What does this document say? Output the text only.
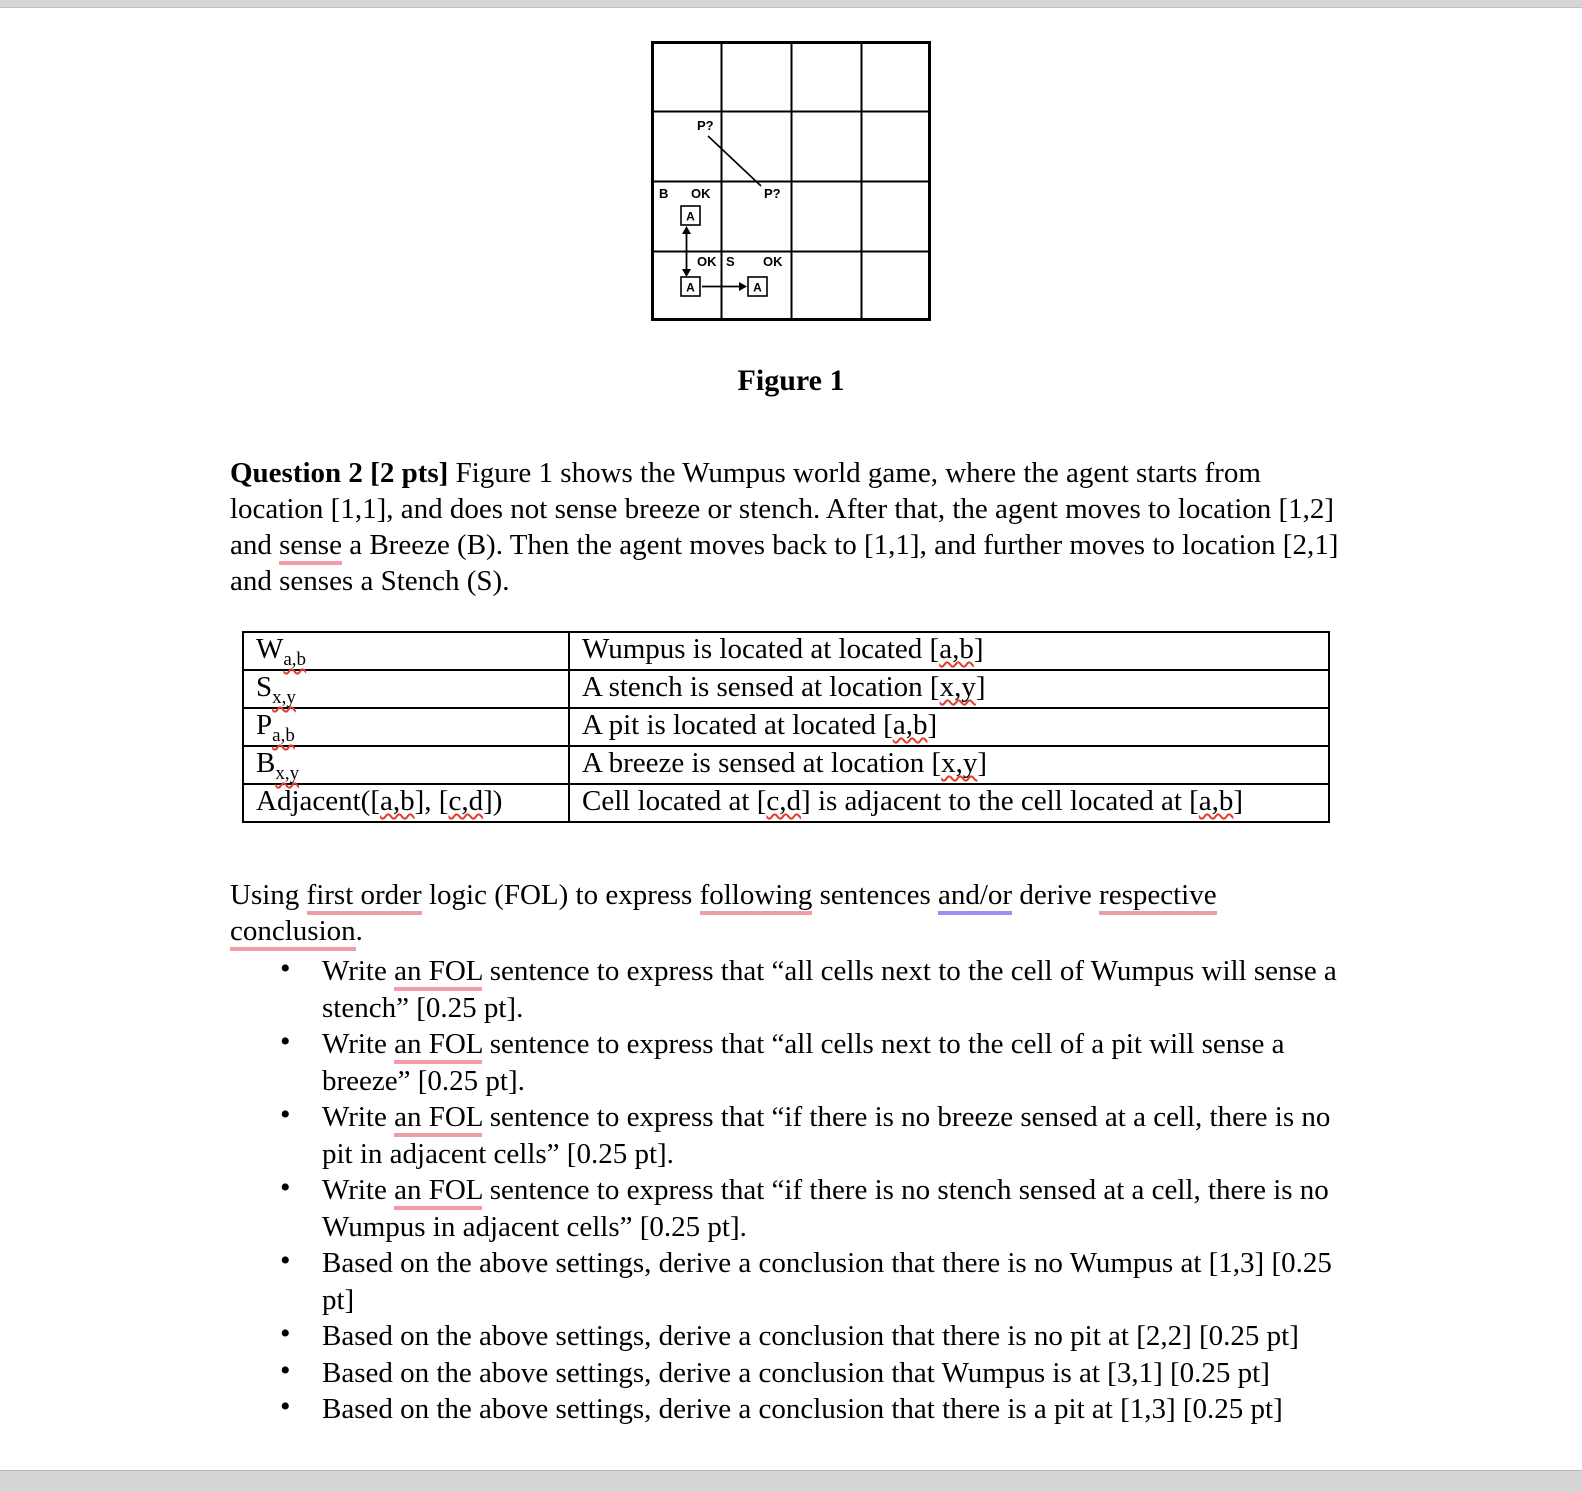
P?
P?
B OK
OK S OK
A
A	A
Figure 1

Question 2 [2 pts] Figure 1 shows the Wumpus world game, where the agent starts from location [1,1], and does not sense breeze or stench. After that, the agent moves to location [1,2] and sense a Breeze (B). Then the agent moves back to [1,1], and further moves to location [2,1] and senses a Stench (S).

$W_{a,b}$	Wumpus is located at located [a,b]
$S_{x,y}$	A stench is sensed at location [x,y]
$P_{a,b}$	A pit is located at located [a,b]
$B_{x,y}$	A breeze is sensed at location [x,y]
Adjacent([a,b], [c,d])	Cell located at [c,d] is adjacent to the cell located at [a,b]

Using first order logic (FOL) to express following sentences and/or derive respective conclusion.

• Write an FOL sentence to express that “all cells next to the cell of Wumpus will sense a stench” [0.25 pt].
• Write an FOL sentence to express that “all cells next to the cell of a pit will sense a breeze” [0.25 pt].
• Write an FOL sentence to express that “if there is no breeze sensed at a cell, there is no pit in adjacent cells” [0.25 pt].
• Write an FOL sentence to express that “if there is no stench sensed at a cell, there is no Wumpus in adjacent cells” [0.25 pt].
• Based on the above settings, derive a conclusion that there is no Wumpus at [1,3] [0.25 pt]
• Based on the above settings, derive a conclusion that there is no pit at [2,2] [0.25 pt]
• Based on the above settings, derive a conclusion that Wumpus is at [3,1] [0.25 pt]
• Based on the above settings, derive a conclusion that there is a pit at [1,3] [0.25 pt]
